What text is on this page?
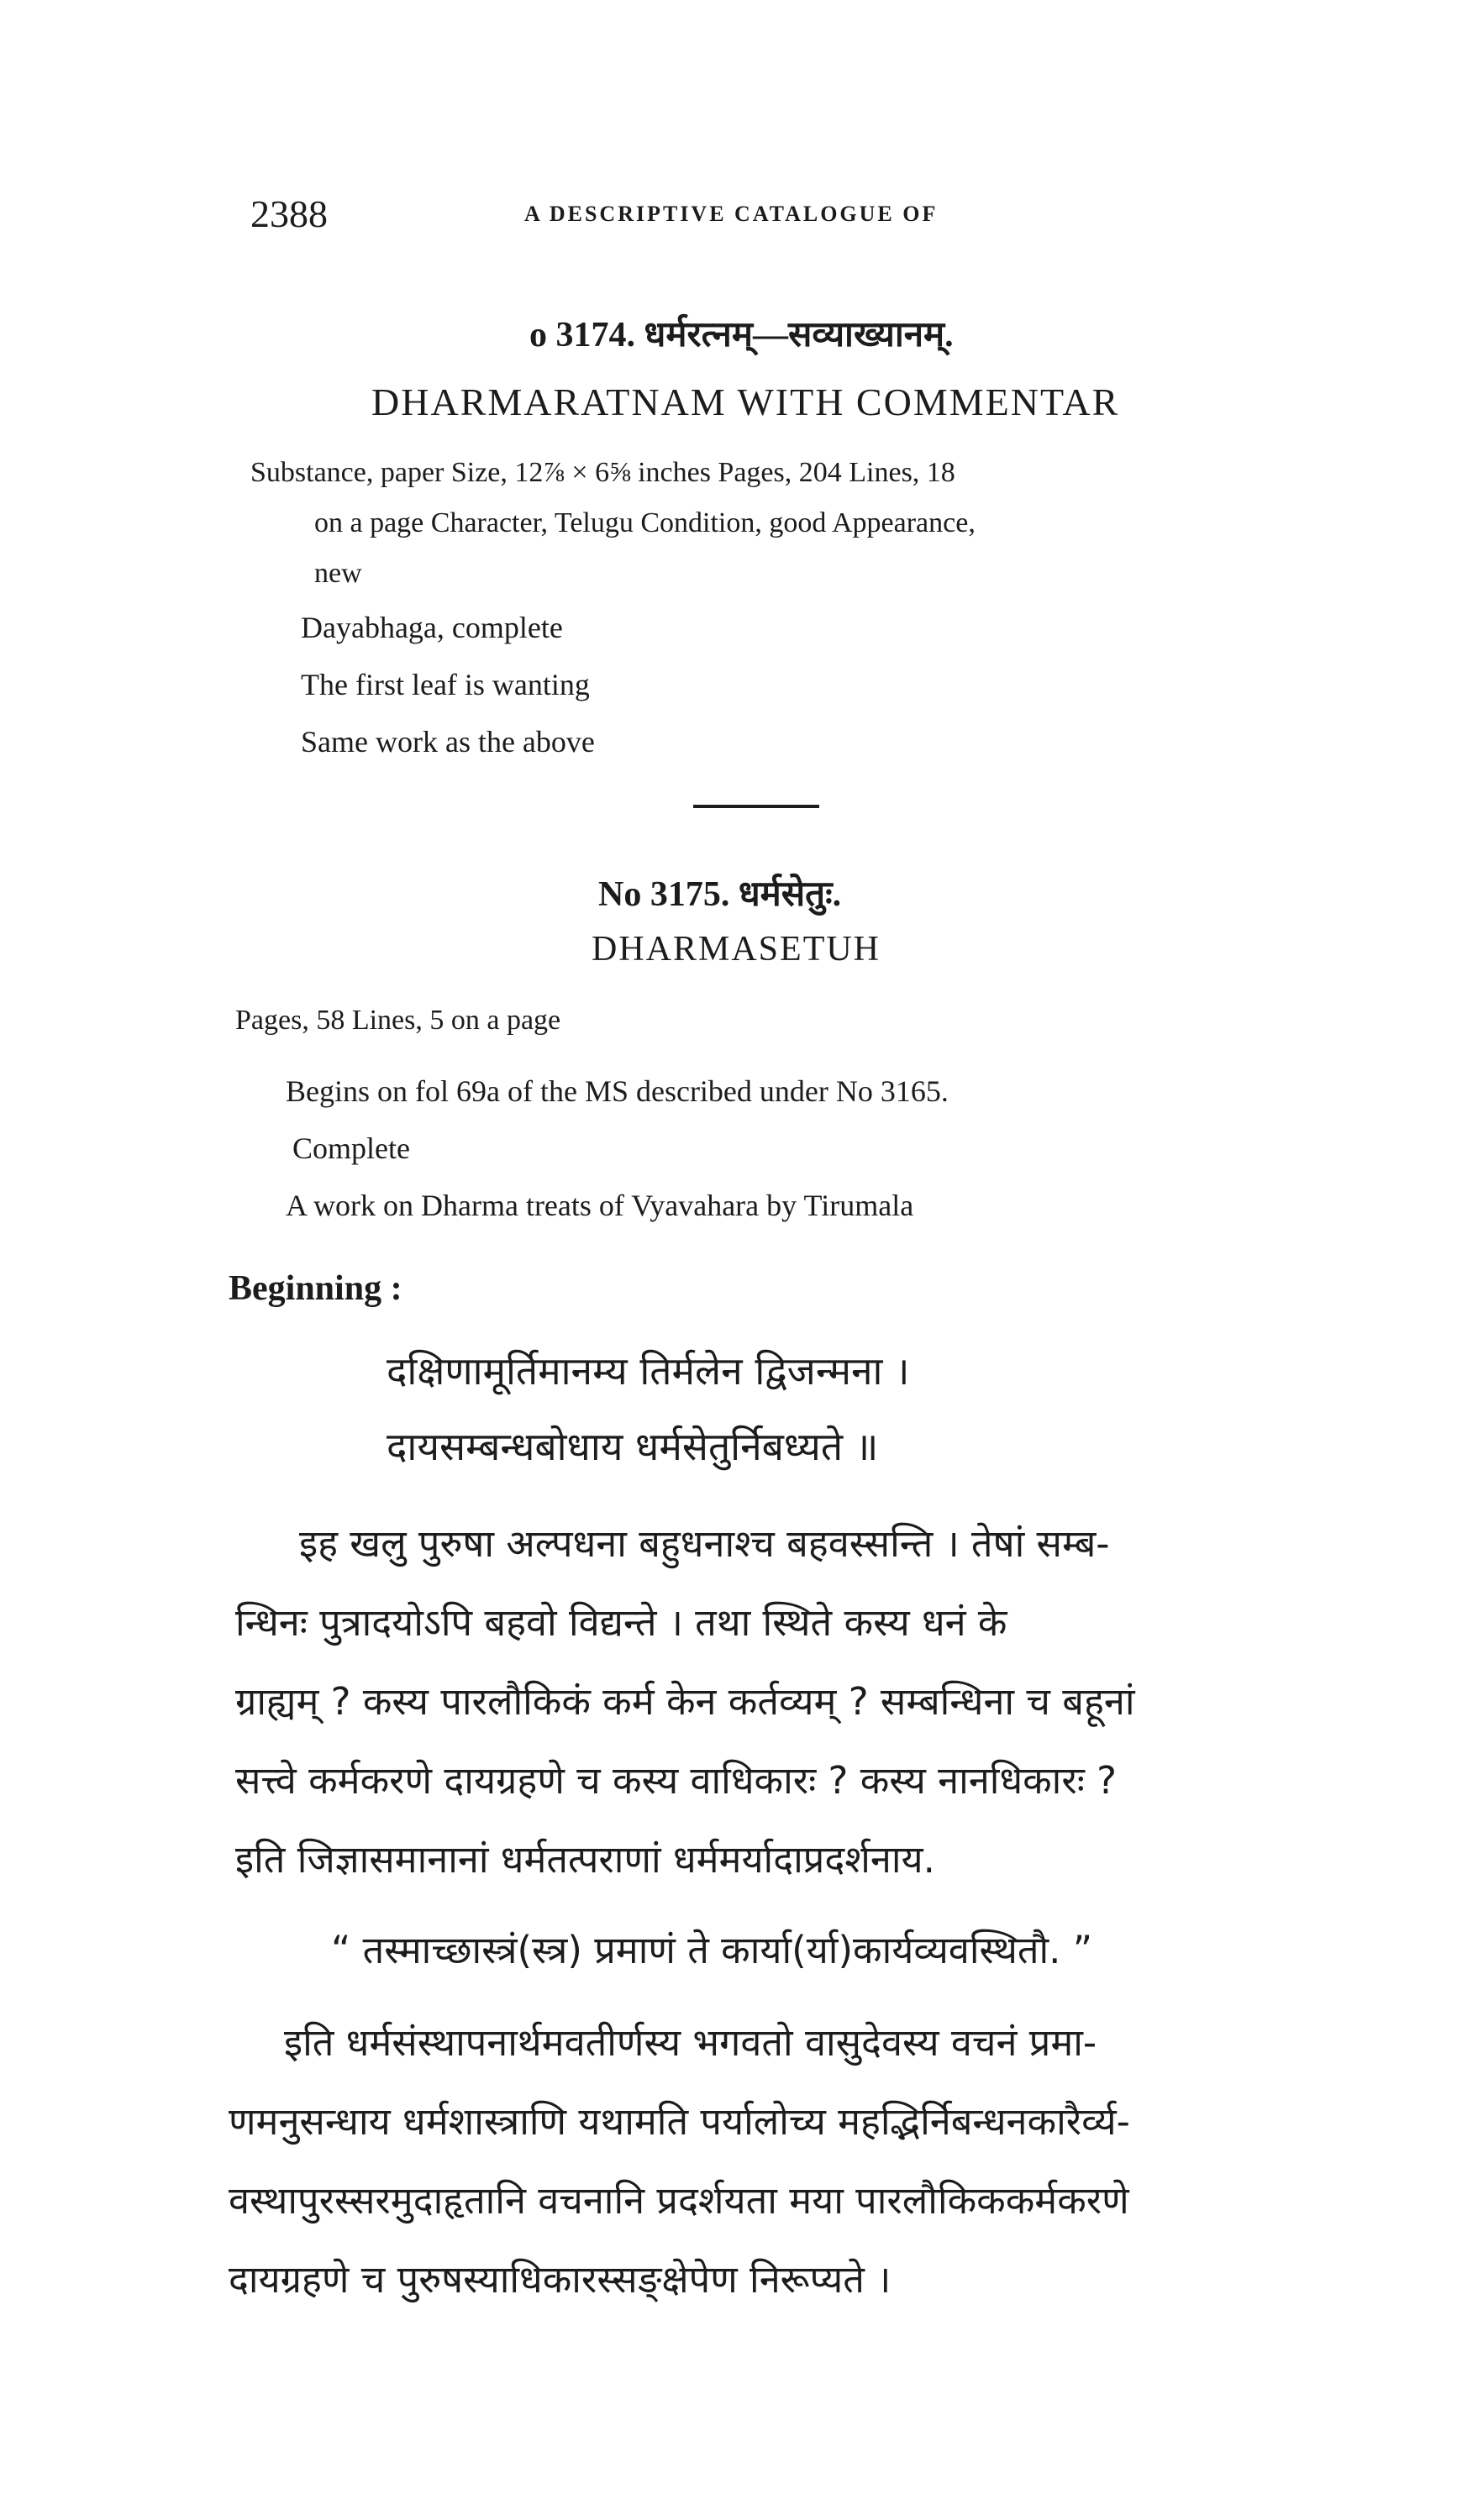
2388	A DESCRIPTIVE CATALOGUE OF

o 3174. धर्मरत्नम्—सव्याख्यानम्.

DHARMARATNAM WITH COMMENTAR

Substance, paper Size, 12⅞ × 6⅝ inches Pages, 204 Lines, 18

on a page Character, Telugu Condition, good Appearance,

new

Dayabhaga, complete

The first leaf is wanting

Same work as the above

No 3175. धर्मसेतुः.

DHARMASETUH

Pages, 58 Lines, 5 on a page

Begins on fol 69a of the MS described under No 3165.

Complete

A work on Dharma treats of Vyavahara by Tirumala

Beginning :

दक्षिणामूर्तिमानम्य तिर्मलेन द्विजन्मना ।

दायसम्बन्धबोधाय धर्मसेतुर्निबध्यते ॥

इह खलु पुरुषा अल्पधना बहुधनाश्च बहवस्सन्ति । तेषां सम्ब-

न्धिनः पुत्रादयोऽपि बहवो विद्यन्ते । तथा स्थिते कस्य धनं के

ग्राह्यम् ? कस्य पारलौकिकं कर्म केन कर्तव्यम् ? सम्बन्धिना च बहूनां

सत्त्वे कर्मकरणे दायग्रहणे च कस्य वाधिकारः ? कस्य नानधिकारः ?

इति जिज्ञासमानानां धर्मतत्पराणां धर्ममर्यादाप्रदर्शनाय.

“ तस्माच्छास्त्रं(स्त्र) प्रमाणं ते कार्या(र्या)कार्यव्यवस्थितौ. ”

इति धर्मसंस्थापनार्थमवतीर्णस्य भगवतो वासुदेवस्य वचनं प्रमा-

णमनुसन्धाय धर्मशास्त्राणि यथामति पर्यालोच्य महद्भिर्निबन्धनकारैर्व्य-

वस्थापुरस्सरमुदाहृतानि वचनानि प्रदर्शयता मया पारलौकिककर्मकरणे

दायग्रहणे च पुरुषस्याधिकारस्सङ्क्षेपेण निरूप्यते ।
